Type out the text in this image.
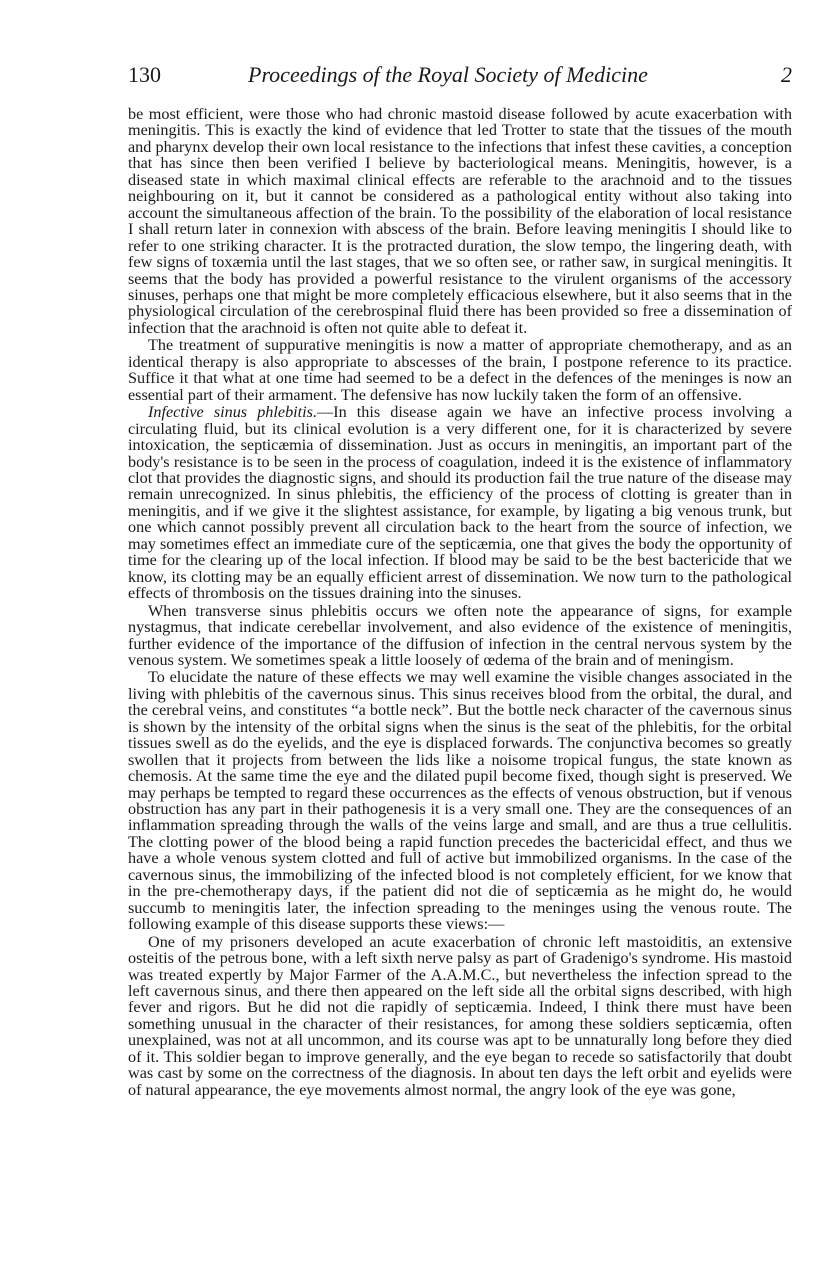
130	Proceedings of the Royal Society of Medicine	2

be most efficient, were those who had chronic mastoid disease followed by acute exacerbation with meningitis. This is exactly the kind of evidence that led Trotter to state that the tissues of the mouth and pharynx develop their own local resistance to the infections that infest these cavities, a conception that has since then been verified I believe by bacteriological means. Meningitis, however, is a diseased state in which maximal clinical effects are referable to the arachnoid and to the tissues neighbouring on it, but it cannot be considered as a pathological entity without also taking into account the simultaneous affection of the brain. To the possibility of the elaboration of local resistance I shall return later in connexion with abscess of the brain. Before leaving meningitis I should like to refer to one striking character. It is the protracted duration, the slow tempo, the lingering death, with few signs of toxæmia until the last stages, that we so often see, or rather saw, in surgical meningitis. It seems that the body has provided a powerful resistance to the virulent organisms of the accessory sinuses, perhaps one that might be more completely efficacious elsewhere, but it also seems that in the physiological circulation of the cerebrospinal fluid there has been provided so free a dissemination of infection that the arachnoid is often not quite able to defeat it.

The treatment of suppurative meningitis is now a matter of appropriate chemotherapy, and as an identical therapy is also appropriate to abscesses of the brain, I postpone reference to its practice. Suffice it that what at one time had seemed to be a defect in the defences of the meninges is now an essential part of their armament. The defensive has now luckily taken the form of an offensive.

Infective sinus phlebitis.—In this disease again we have an infective process involving a circulating fluid, but its clinical evolution is a very different one, for it is characterized by severe intoxication, the septicæmia of dissemination. Just as occurs in meningitis, an important part of the body's resistance is to be seen in the process of coagulation, indeed it is the existence of inflammatory clot that provides the diagnostic signs, and should its production fail the true nature of the disease may remain unrecognized. In sinus phlebitis, the efficiency of the process of clotting is greater than in meningitis, and if we give it the slightest assistance, for example, by ligating a big venous trunk, but one which cannot possibly prevent all circulation back to the heart from the source of infection, we may sometimes effect an immediate cure of the septicæmia, one that gives the body the opportunity of time for the clearing up of the local infection. If blood may be said to be the best bactericide that we know, its clotting may be an equally efficient arrest of dissemination. We now turn to the pathological effects of thrombosis on the tissues draining into the sinuses.

When transverse sinus phlebitis occurs we often note the appearance of signs, for example nystagmus, that indicate cerebellar involvement, and also evidence of the existence of meningitis, further evidence of the importance of the diffusion of infection in the central nervous system by the venous system. We sometimes speak a little loosely of œdema of the brain and of meningism.

To elucidate the nature of these effects we may well examine the visible changes associated in the living with phlebitis of the cavernous sinus. This sinus receives blood from the orbital, the dural, and the cerebral veins, and constitutes “a bottle neck”. But the bottle neck character of the cavernous sinus is shown by the intensity of the orbital signs when the sinus is the seat of the phlebitis, for the orbital tissues swell as do the eyelids, and the eye is displaced forwards. The conjunctiva becomes so greatly swollen that it projects from between the lids like a noisome tropical fungus, the state known as chemosis. At the same time the eye and the dilated pupil become fixed, though sight is preserved. We may perhaps be tempted to regard these occurrences as the effects of venous obstruction, but if venous obstruction has any part in their pathogenesis it is a very small one. They are the consequences of an inflammation spreading through the walls of the veins large and small, and are thus a true cellulitis. The clotting power of the blood being a rapid function precedes the bactericidal effect, and thus we have a whole venous system clotted and full of active but immobilized organisms. In the case of the cavernous sinus, the immobilizing of the infected blood is not completely efficient, for we know that in the pre-chemotherapy days, if the patient did not die of septicæmia as he might do, he would succumb to meningitis later, the infection spreading to the meninges using the venous route. The following example of this disease supports these views:—

One of my prisoners developed an acute exacerbation of chronic left mastoiditis, an extensive osteitis of the petrous bone, with a left sixth nerve palsy as part of Gradenigo's syndrome. His mastoid was treated expertly by Major Farmer of the A.A.M.C., but nevertheless the infection spread to the left cavernous sinus, and there then appeared on the left side all the orbital signs described, with high fever and rigors. But he did not die rapidly of septicæmia. Indeed, I think there must have been something unusual in the character of their resistances, for among these soldiers septicæmia, often unexplained, was not at all uncommon, and its course was apt to be unnaturally long before they died of it. This soldier began to improve generally, and the eye began to recede so satisfactorily that doubt was cast by some on the correctness of the diagnosis. In about ten days the left orbit and eyelids were of natural appearance, the eye movements almost normal, the angry look of the eye was gone,
